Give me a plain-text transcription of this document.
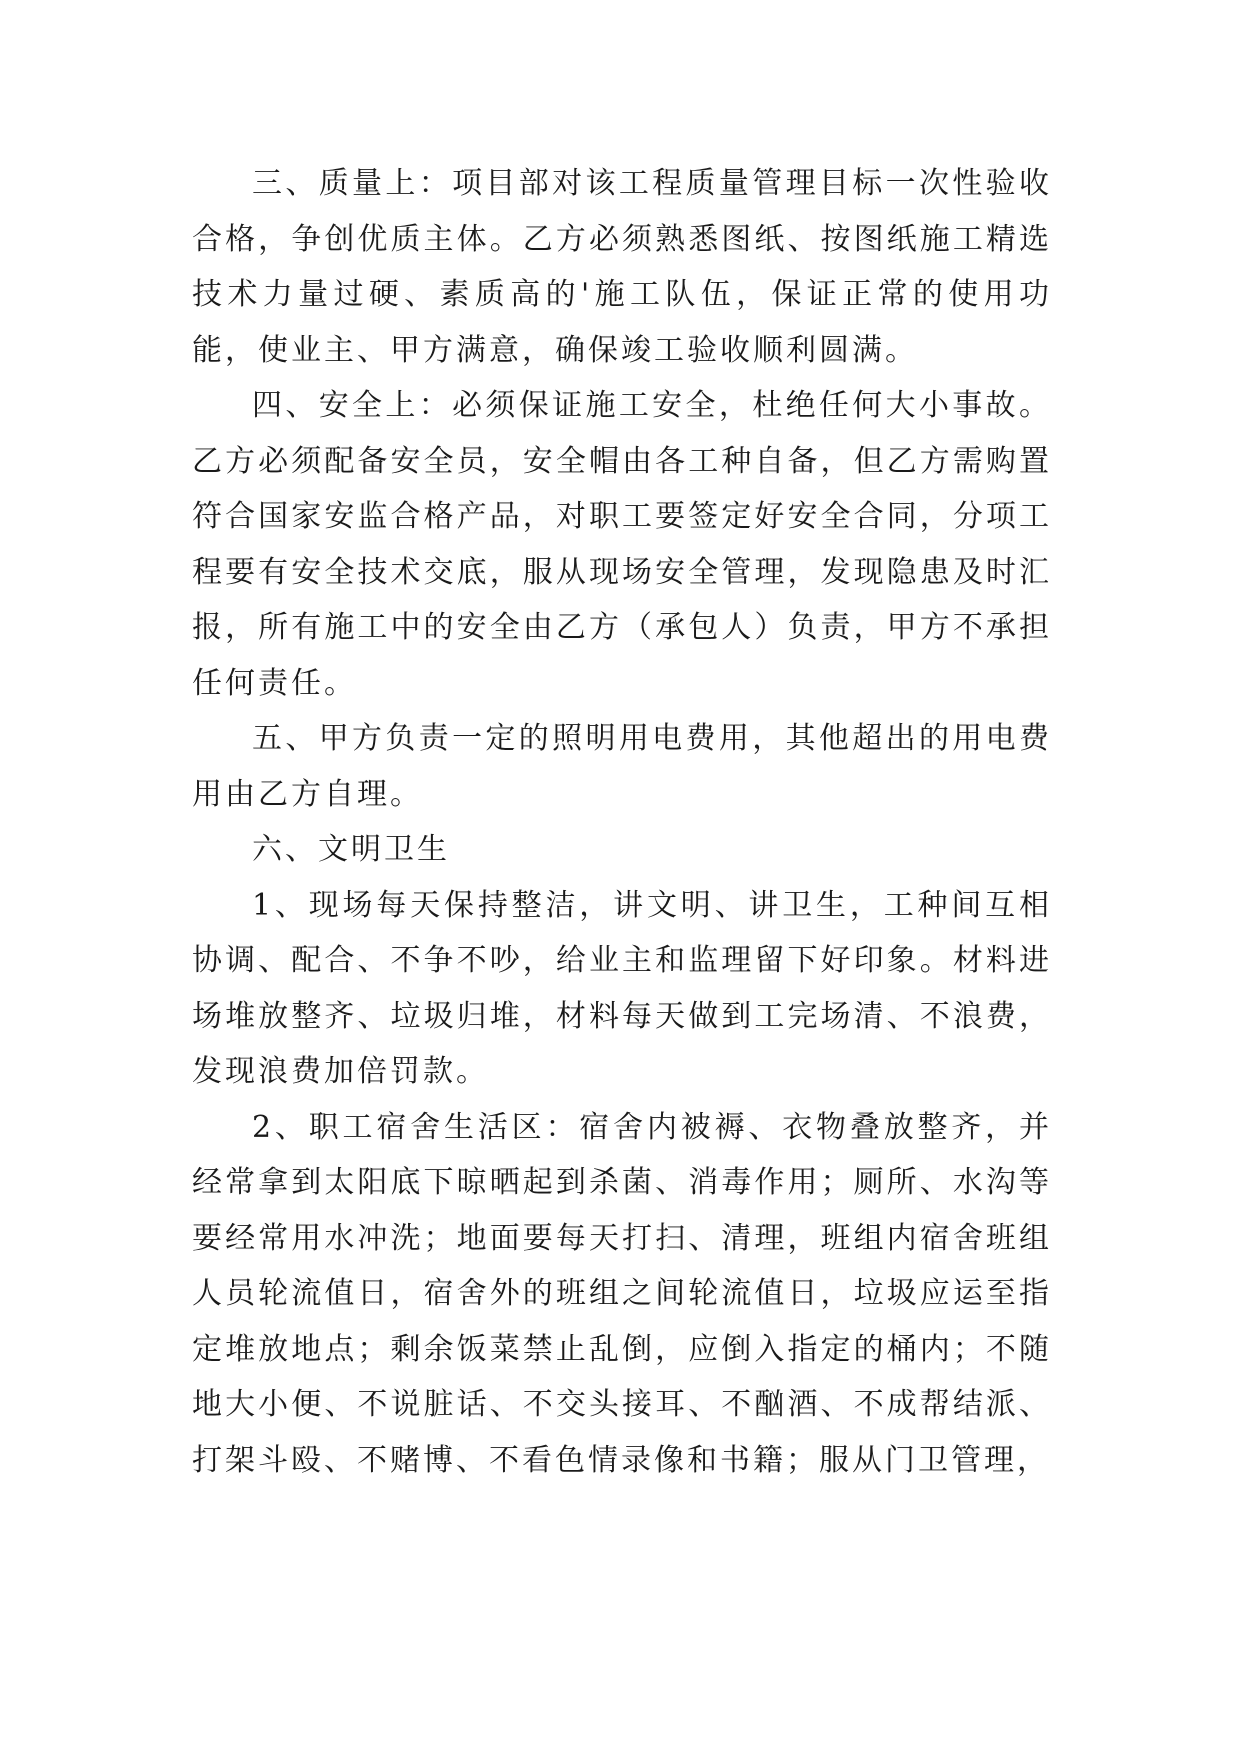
三、质量上：项目部对该工程质量管理目标一次性验收合格，争创优质主体。乙方必须熟悉图纸、按图纸施工精选技术力量过硬、素质高的'施工队伍，保证正常的使用功能，使业主、甲方满意，确保竣工验收顺利圆满。

四、安全上：必须保证施工安全，杜绝任何大小事故。乙方必须配备安全员，安全帽由各工种自备，但乙方需购置符合国家安监合格产品，对职工要签定好安全合同，分项工程要有安全技术交底，服从现场安全管理，发现隐患及时汇报，所有施工中的安全由乙方（承包人）负责，甲方不承担任何责任。

五、甲方负责一定的照明用电费用，其他超出的用电费用由乙方自理。

六、文明卫生

1、现场每天保持整洁，讲文明、讲卫生，工种间互相协调、配合、不争不吵，给业主和监理留下好印象。材料进场堆放整齐、垃圾归堆，材料每天做到工完场清、不浪费，发现浪费加倍罚款。

2、职工宿舍生活区：宿舍内被褥、衣物叠放整齐，并经常拿到太阳底下晾晒起到杀菌、消毒作用；厕所、水沟等要经常用水冲洗；地面要每天打扫、清理，班组内宿舍班组人员轮流值日，宿舍外的班组之间轮流值日，垃圾应运至指定堆放地点；剩余饭菜禁止乱倒，应倒入指定的桶内；不随地大小便、不说脏话、不交头接耳、不酗酒、不成帮结派、打架斗殴、不赌博、不看色情录像和书籍；服从门卫管理，
